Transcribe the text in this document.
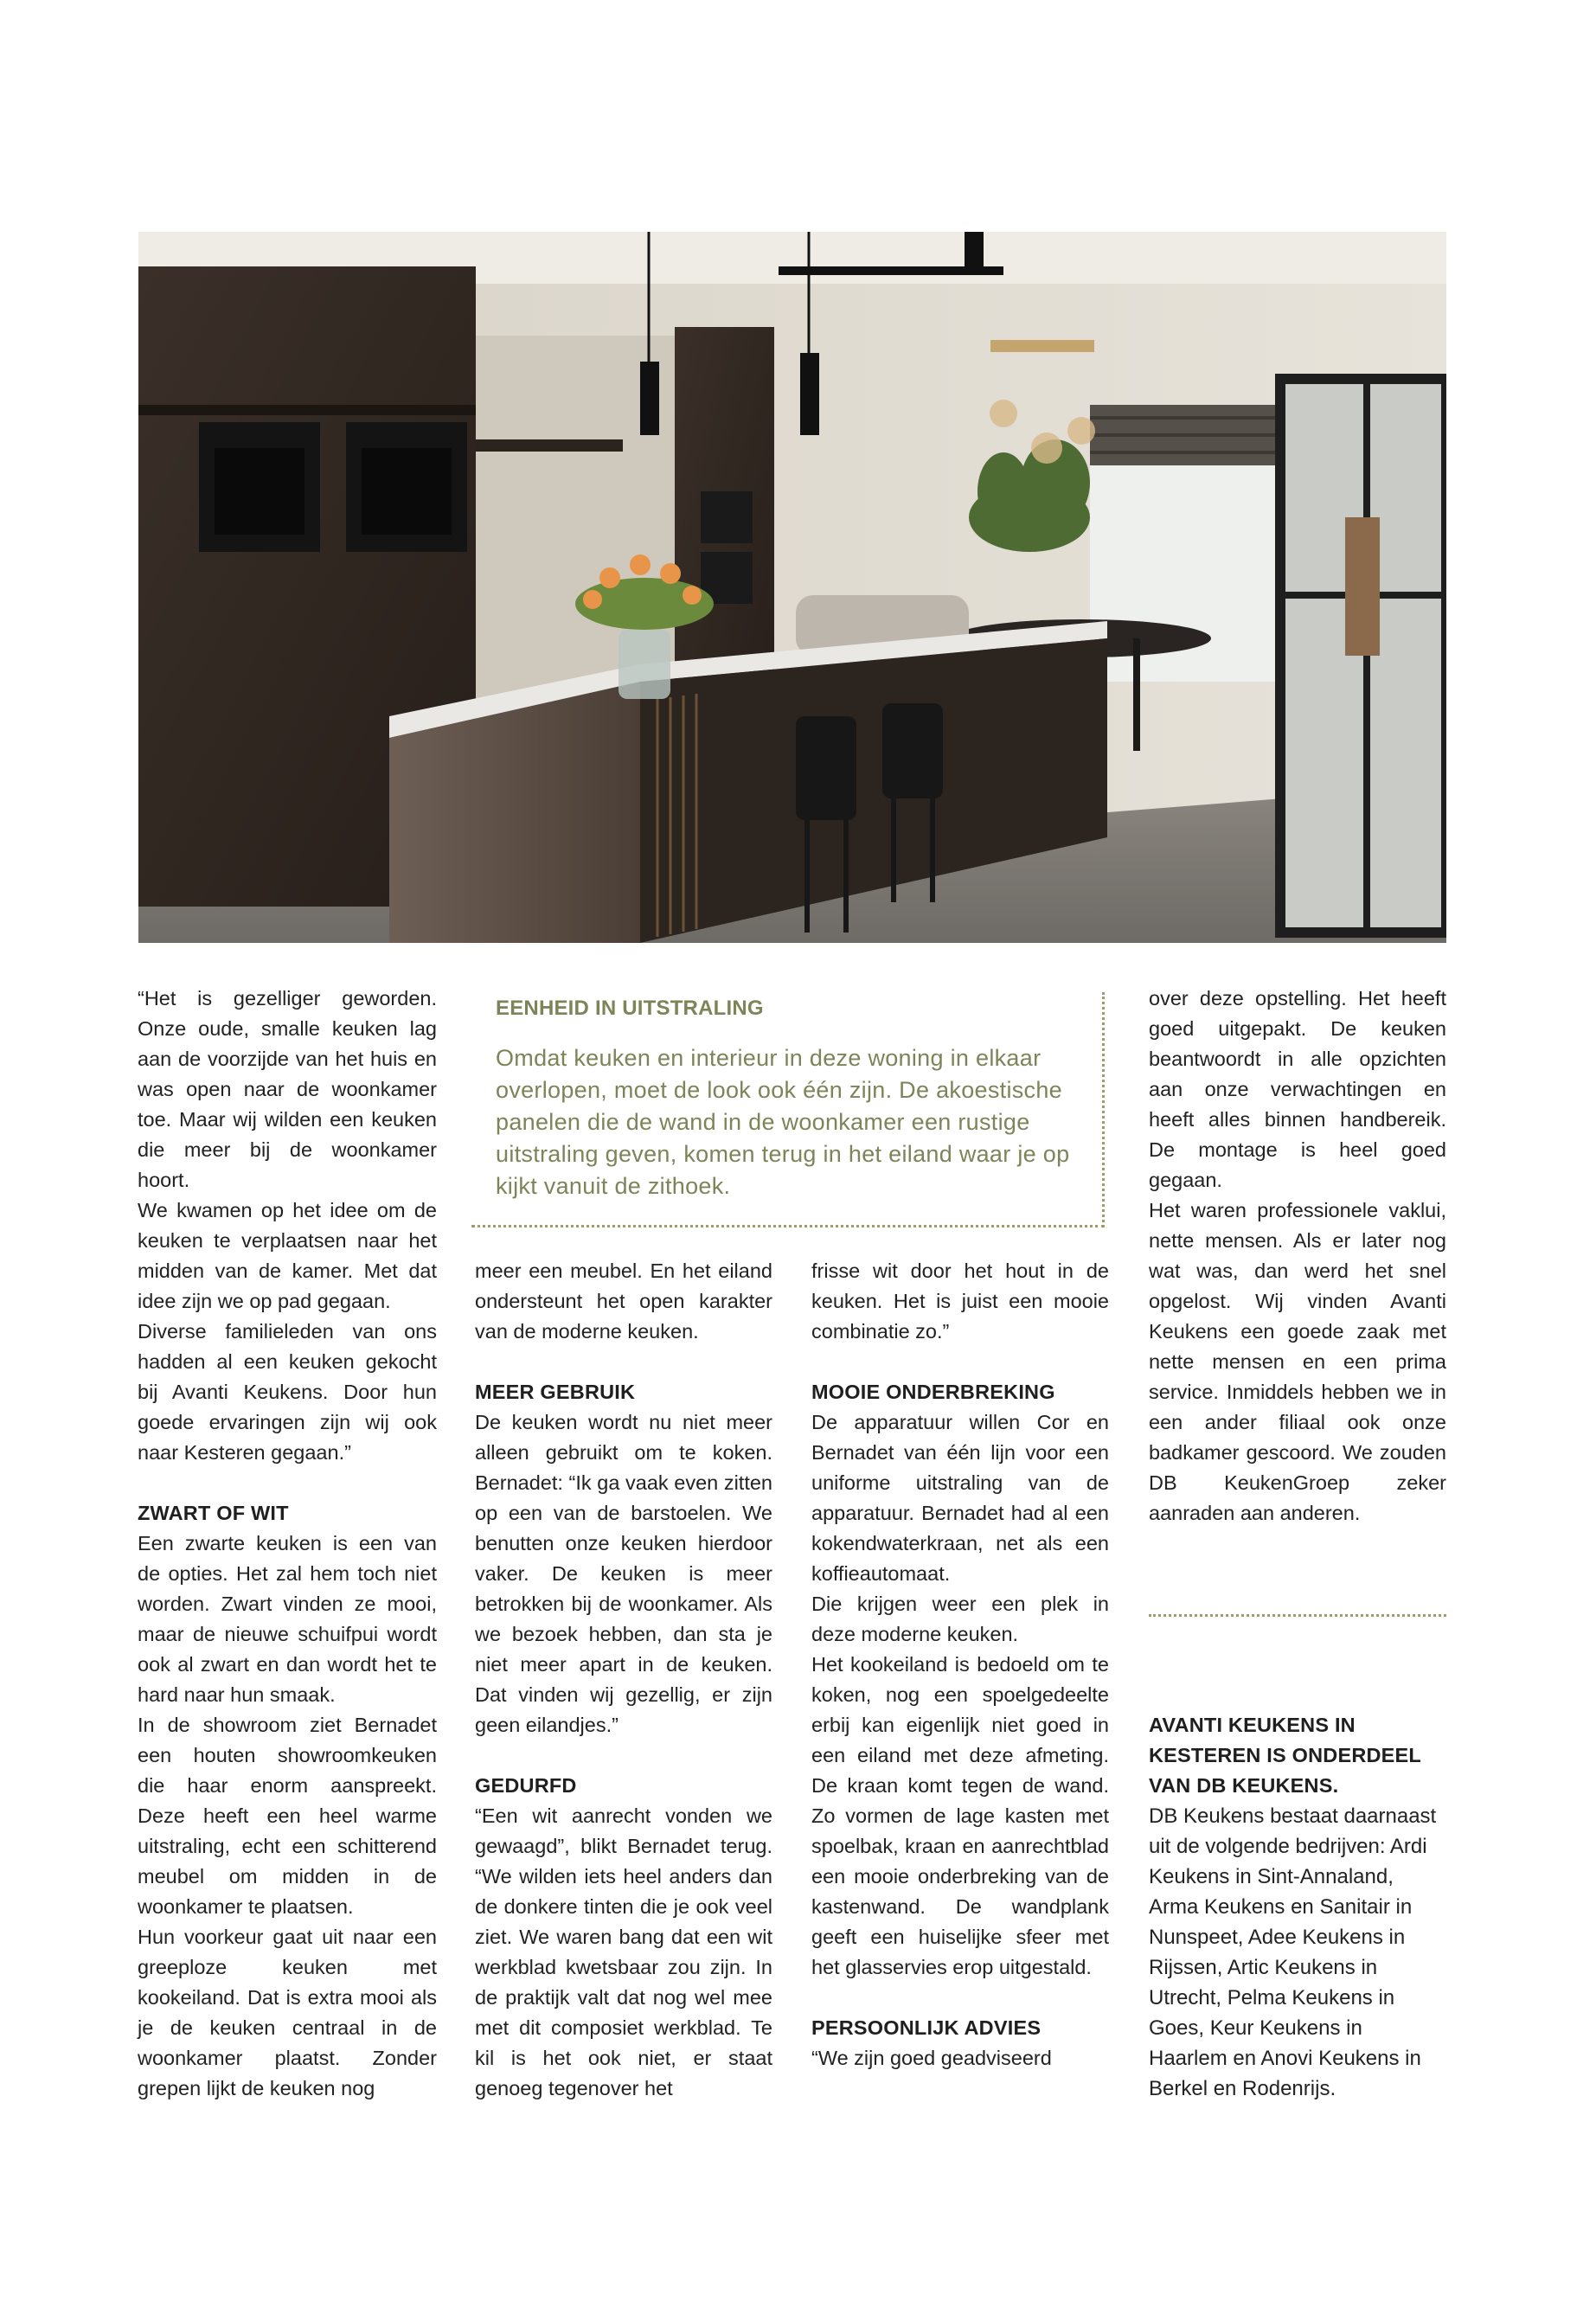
“Het is gezelliger geworden. Onze oude, smalle keuken lag aan de voorzijde van het huis en was open naar de woonkamer toe. Maar wij wilden een keuken die meer bij de woonkamer hoort.

We kwamen op het idee om de keuken te verplaatsen naar het midden van de kamer. Met dat idee zijn we op pad gegaan.

Diverse familieleden van ons hadden al een keuken gekocht bij Avanti Keukens. Door hun goede ervaringen zijn wij ook naar Kesteren gegaan.”

ZWART OF WIT

Een zwarte keuken is een van de opties. Het zal hem toch niet worden. Zwart vinden ze mooi, maar de nieuwe schuifpui wordt ook al zwart en dan wordt het te hard naar hun smaak.

In de showroom ziet Bernadet een houten showroomkeuken die haar enorm aanspreekt. Deze heeft een heel warme uitstraling, echt een schitterend meubel om midden in de woonkamer te plaatsen.

Hun voorkeur gaat uit naar een greeploze keuken met kookeiland. Dat is extra mooi als je de keuken centraal in de woonkamer plaatst. Zonder grepen lijkt de keuken nog

EENHEID IN UITSTRALING
Omdat keuken en interieur in deze woning in elkaar overlopen, moet de look ook één zijn. De akoestische panelen die de wand in de woonkamer een rustige uitstraling geven, komen terug in het eiland waar je op kijkt vanuit de zithoek.

meer een meubel. En het eiland ondersteunt het open karakter van de moderne keuken.

MEER GEBRUIK

De keuken wordt nu niet meer alleen gebruikt om te koken. Bernadet: “Ik ga vaak even zitten op een van de barstoelen. We benutten onze keuken hierdoor vaker. De keuken is meer betrokken bij de woonkamer. Als we bezoek hebben, dan sta je niet meer apart in de keuken. Dat vinden wij gezellig, er zijn geen eilandjes.”

GEDURFD

“Een wit aanrecht vonden we gewaagd”, blikt Bernadet terug. “We wilden iets heel anders dan de donkere tinten die je ook veel ziet. We waren bang dat een wit werkblad kwetsbaar zou zijn. In de praktijk valt dat nog wel mee met dit composiet werkblad. Te kil is het ook niet, er staat genoeg tegenover het

frisse wit door het hout in de keuken. Het is juist een mooie combinatie zo.”

MOOIE ONDERBREKING

De apparatuur willen Cor en Bernadet van één lijn voor een uniforme uitstraling van de apparatuur. Bernadet had al een kokendwaterkraan, net als een koffieautomaat.

Die krijgen weer een plek in deze moderne keuken.

Het kookeiland is bedoeld om te koken, nog een spoelgedeelte erbij kan eigenlijk niet goed in een eiland met deze afmeting. De kraan komt tegen de wand. Zo vormen de lage kasten met spoelbak, kraan en aanrechtblad een mooie onderbreking van de kastenwand. De wandplank geeft een huiselijke sfeer met het glasservies erop uitgestald.

PERSOONLIJK ADVIES

“We zijn goed geadviseerd

over deze opstelling. Het heeft goed uitgepakt. De keuken beantwoordt in alle opzichten aan onze verwachtingen en heeft alles binnen handbereik. De montage is heel goed gegaan.

Het waren professionele vaklui, nette mensen. Als er later nog wat was, dan werd het snel opgelost. Wij vinden Avanti Keukens een goede zaak met nette mensen en een prima service. Inmiddels hebben we in een ander filiaal ook onze badkamer gescoord. We zouden DB KeukenGroep zeker aanraden aan anderen.

AVANTI KEUKENS IN KESTEREN IS ONDERDEEL VAN DB KEUKENS.

DB Keukens bestaat daarnaast uit de volgende bedrijven: Ardi Keukens in Sint-Annaland, Arma Keukens en Sanitair in Nunspeet, Adee Keukens in Rijssen, Artic Keukens in Utrecht, Pelma Keukens in Goes, Keur Keukens in Haarlem en Anovi Keukens in Berkel en Rodenrijs.
